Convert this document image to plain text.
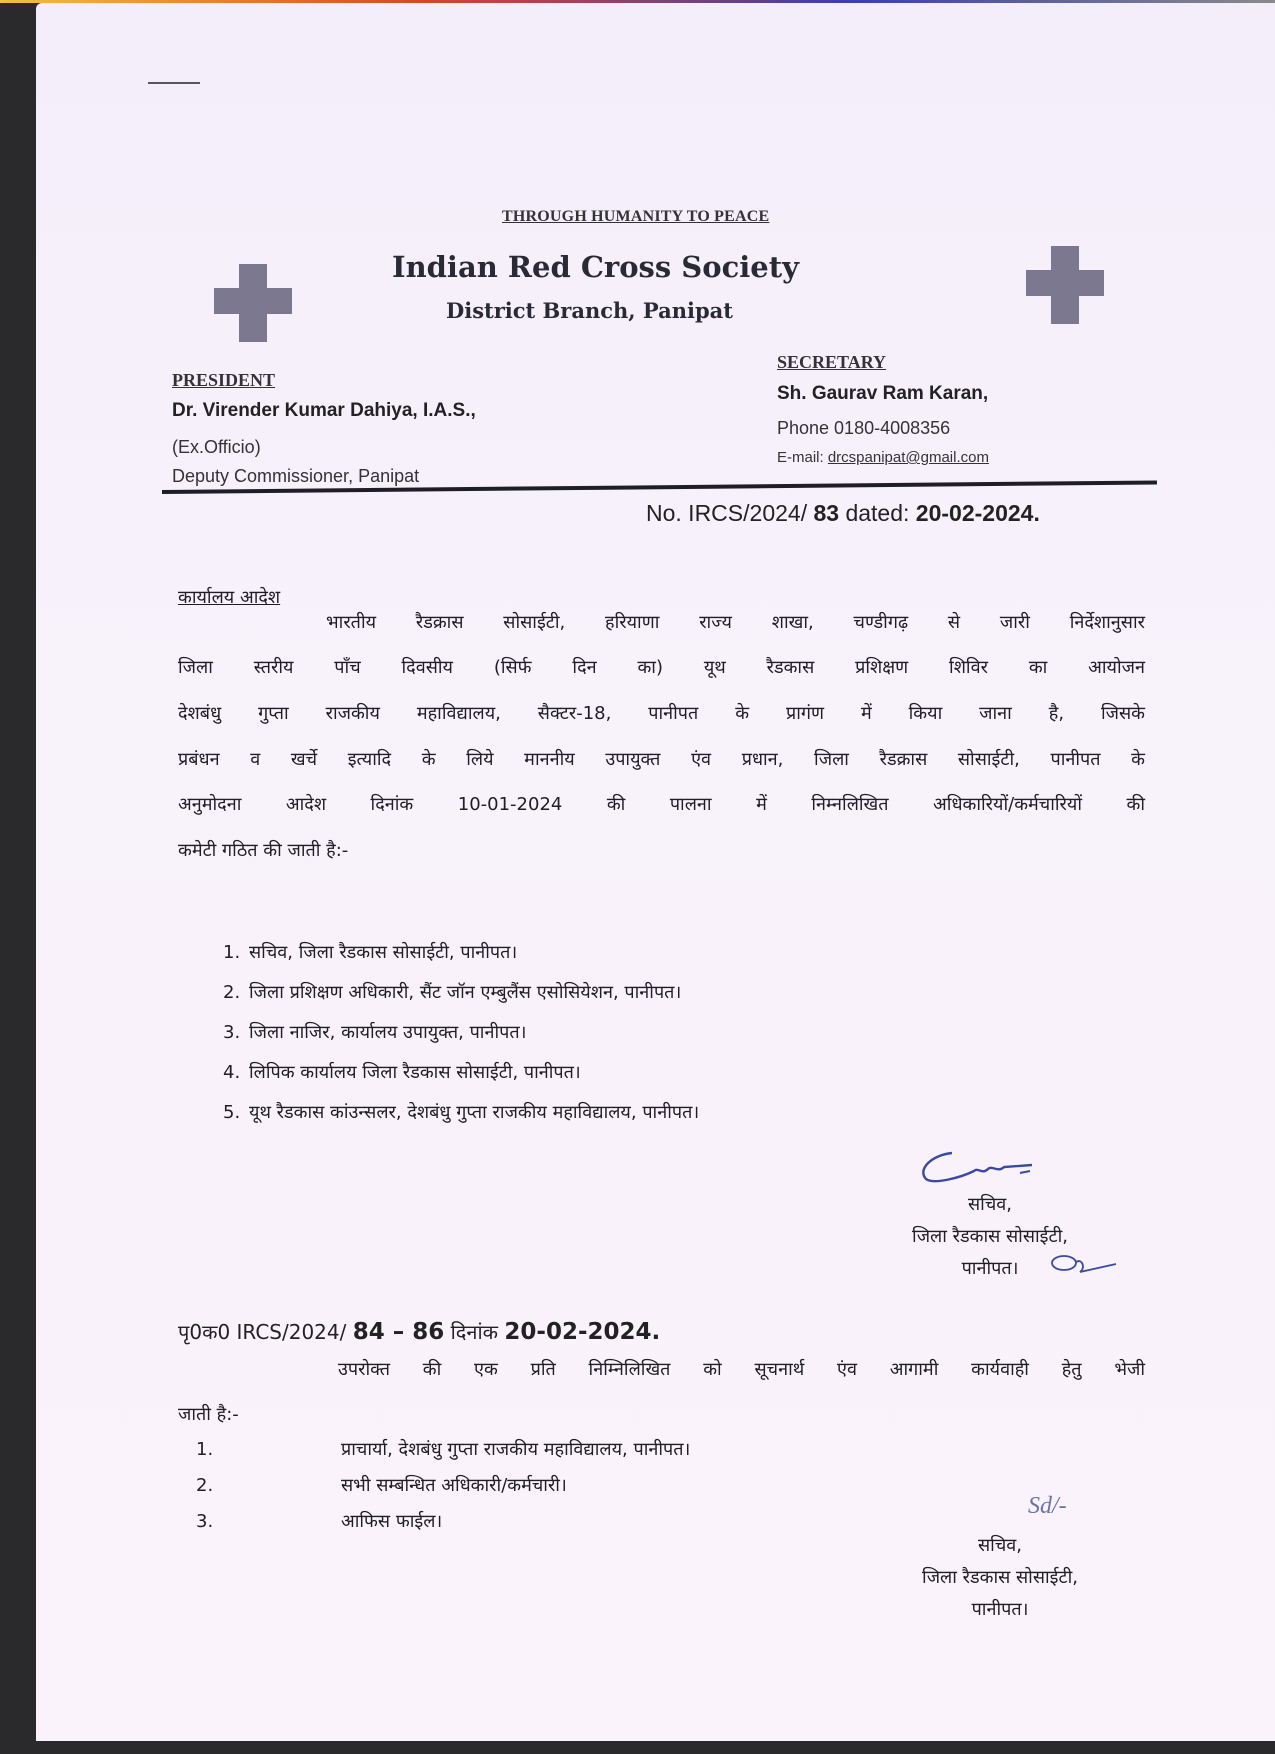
THROUGH HUMANITY TO PEACE
Indian Red Cross Society
District Branch, Panipat
PRESIDENT
Dr. Virender Kumar Dahiya, I.A.S.,
(Ex.Officio)
Deputy Commissioner, Panipat
SECRETARY
Sh. Gaurav Ram Karan,
Phone 0180-4008356
E-mail: drcspanipat@gmail.com
No. IRCS/2024/ 83 dated: 20-02-2024.
कार्यालय आदेश
भारतीय रैडक्रास सोसाईटी, हरियाणा राज्य शाखा, चण्डीगढ़ से जारी निर्देशानुसार
जिला स्तरीय पॉंच दिवसीय (सिर्फ दिन का) यूथ रैडकास प्रशिक्षण शिविर का आयोजन
देशबंधु गुप्ता राजकीय महाविद्यालय, सैक्टर-18, पानीपत के प्रागंण में किया जाना है, जिसके
प्रबंधन व खर्चे इत्यादि के लिये माननीय उपायुक्त एंव प्रधान, जिला रैडक्रास सोसाईटी, पानीपत के
अनुमोदना आदेश दिनांक 10-01-2024 की पालना में निम्नलिखित अधिकारियों/कर्मचारियों की
कमेटी गठित की जाती है:-
1. सचिव, जिला रैडकास सोसाईटी, पानीपत।
2. जिला प्रशिक्षण अधिकारी, सैंट जॉन एम्बुलैंस एसोसियेशन, पानीपत।
3. जिला नाजिर, कार्यालय उपायुक्त, पानीपत।
4. लिपिक कार्यालय जिला रैडकास सोसाईटी, पानीपत।
5. यूथ रैडकास कांउन्सलर, देशबंधु गुप्ता राजकीय महाविद्यालय, पानीपत।
सचिव,
जिला रैडकास सोसाईटी,
पानीपत।
पृ0क0 IRCS/2024/ 84 – 86 दिनांक 20-02-2024.
उपरोक्त की एक प्रति निम्निलिखित को सूचनार्थ एंव आगामी कार्यवाही हेतु भेजी
जाती है:-
1.	प्राचार्या, देशबंधु गुप्ता राजकीय महाविद्यालय, पानीपत।
2.	सभी सम्बन्धित अधिकारी/कर्मचारी।
3.	आफिस फाईल।
Sd/-
सचिव,
जिला रैडकास सोसाईटी,
पानीपत।
